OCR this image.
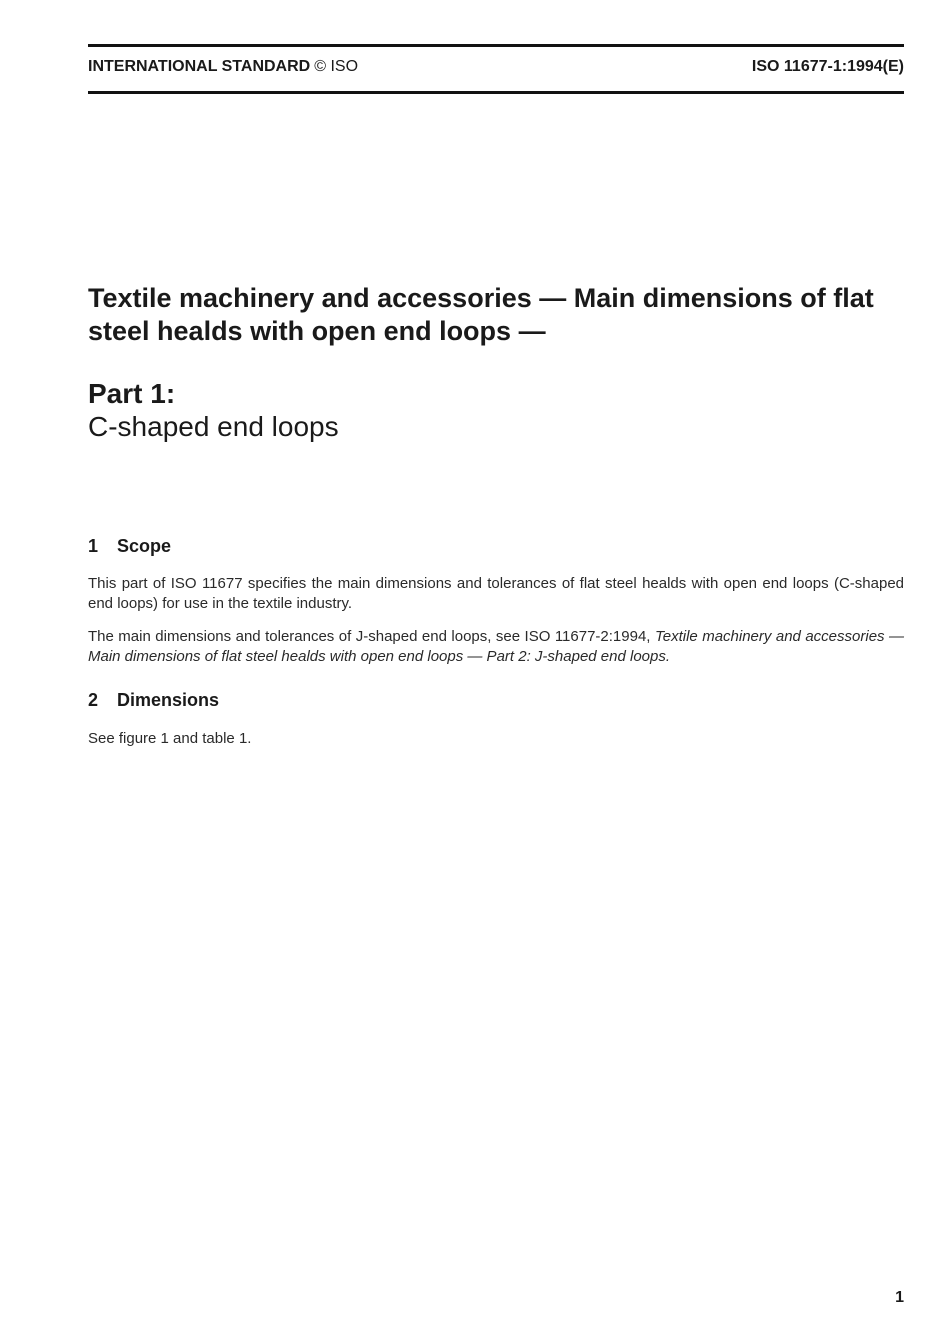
INTERNATIONAL STANDARD © ISO	ISO 11677-1:1994(E)
Textile machinery and accessories — Main dimensions of flat steel healds with open end loops —
Part 1:
C-shaped end loops
1 Scope

This part of ISO 11677 specifies the main dimensions and tolerances of flat steel healds with open end loops (C-shaped end loops) for use in the textile industry.

The main dimensions and tolerances of J-shaped end loops, see ISO 11677-2:1994, Textile machinery and accessories — Main dimensions of flat steel healds with open end loops — Part 2: J-shaped end loops.

2 Dimensions

See figure 1 and table 1.

1
